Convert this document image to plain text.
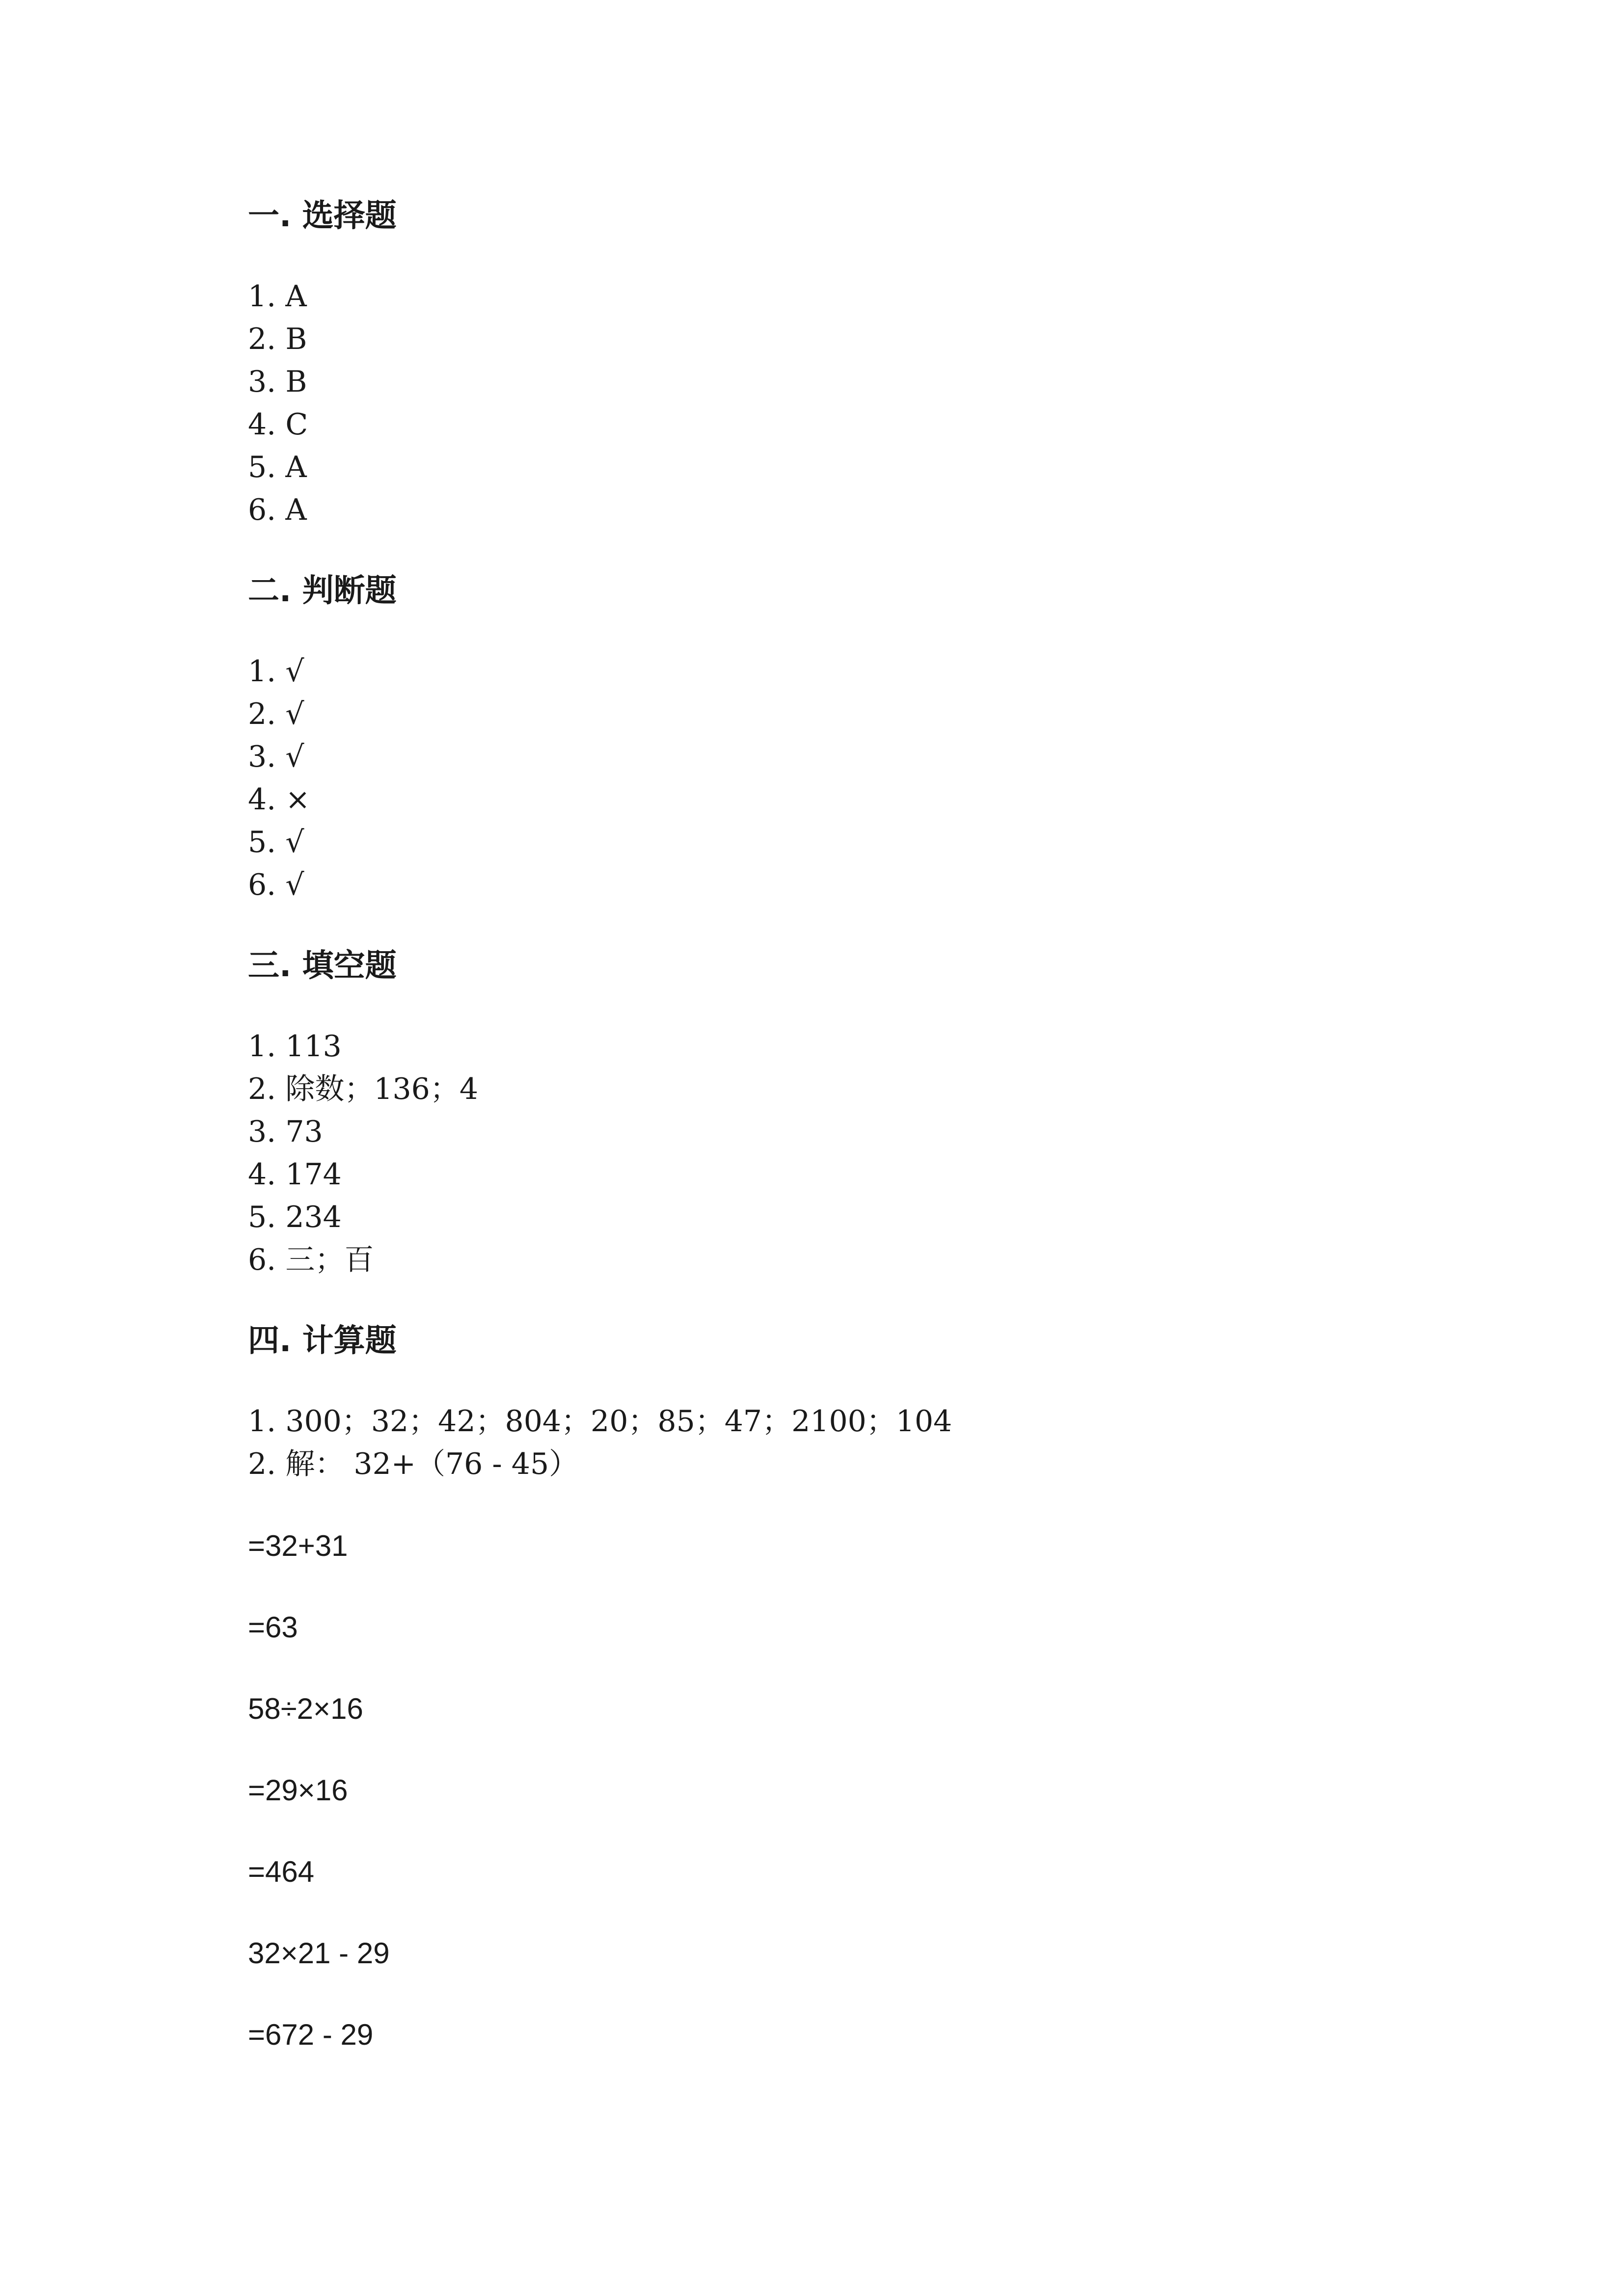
一. 选择题
1. A
2. B
3. B
4. C
5. A
6. A
二. 判断题
1. √
2. √
3. √
4. ×
5. √
6. √
三. 填空题
1. 113
2. 除数；136；4
3. 73
4. 174
5. 234
6. 三；百
四. 计算题
1. 300；32；42；804；20；85；47；2100；104
2. 解： 32+（76 - 45）
=32+31
=63
58÷2×16
=29×16
=464
32×21 - 29
=672 - 29
